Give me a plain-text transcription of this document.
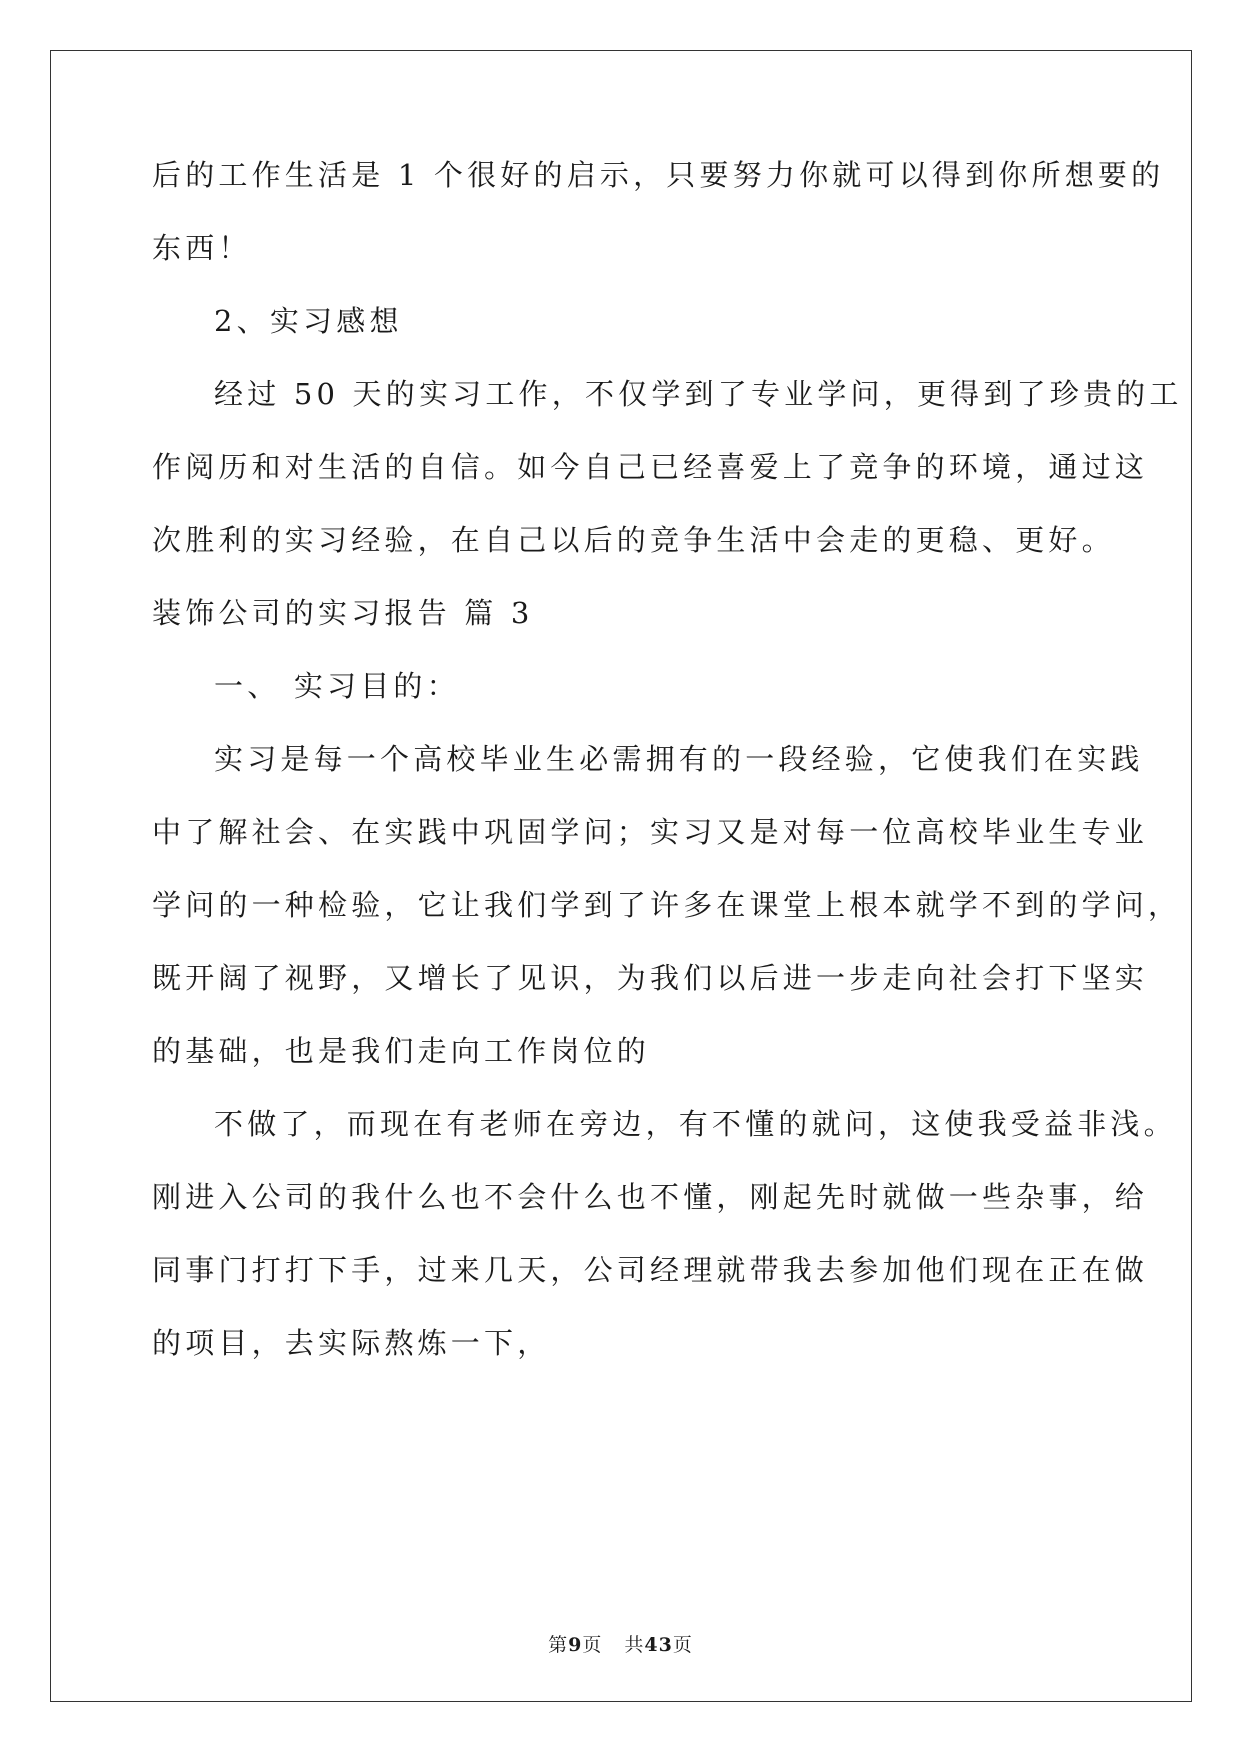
后的工作生活是 1 个很好的启示，只要努力你就可以得到你所想要的
东西！
2、实习感想
经过 50 天的实习工作，不仅学到了专业学问，更得到了珍贵的工
作阅历和对生活的自信。如今自己已经喜爱上了竞争的环境，通过这
次胜利的实习经验，在自己以后的竞争生活中会走的更稳、更好。
装饰公司的实习报告 篇 3
一、 实习目的：
实习是每一个高校毕业生必需拥有的一段经验，它使我们在实践
中了解社会、在实践中巩固学问；实习又是对每一位高校毕业生专业
学问的一种检验，它让我们学到了许多在课堂上根本就学不到的学问，
既开阔了视野，又增长了见识，为我们以后进一步走向社会打下坚实
的基础，也是我们走向工作岗位的
不做了，而现在有老师在旁边，有不懂的就问，这使我受益非浅。
刚进入公司的我什么也不会什么也不懂，刚起先时就做一些杂事，给
同事门打打下手，过来几天，公司经理就带我去参加他们现在正在做
的项目，去实际熬炼一下，
第9页 共43页
